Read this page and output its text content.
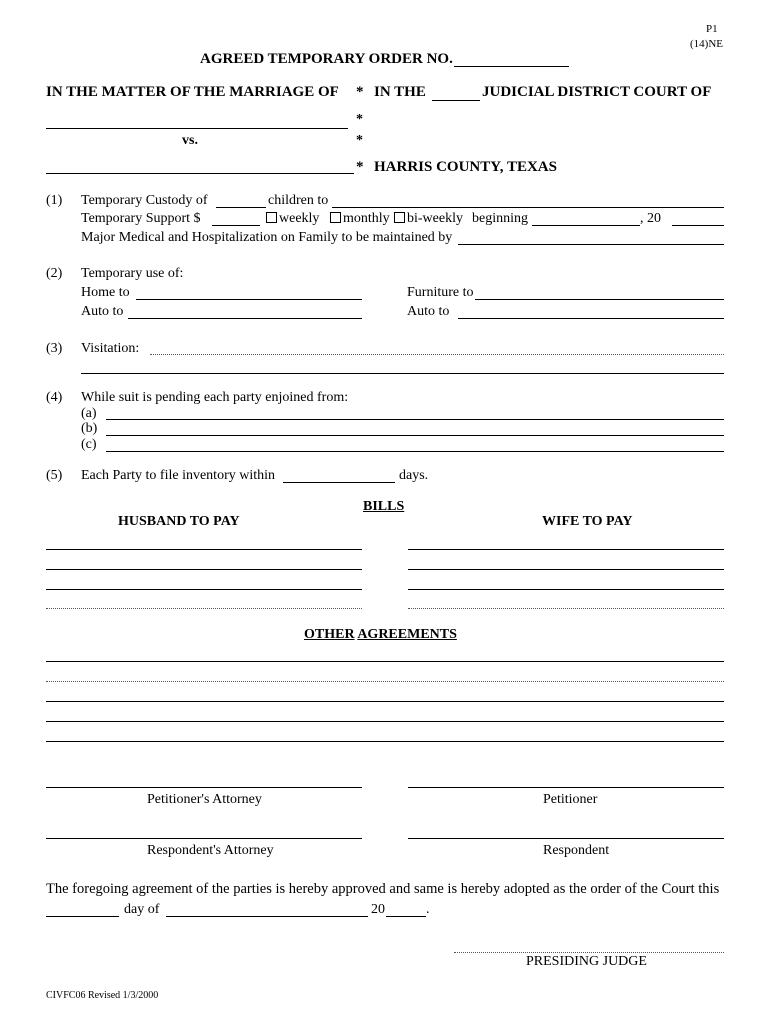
P1
(14)NE
AGREED TEMPORARY ORDER NO.
IN THE MATTER OF THE MARRIAGE OF * IN THE	JUDICIAL DISTRICT COURT OF
*
vs.	*
* HARRIS COUNTY, TEXAS
(1) Temporary Custody of	children to
Temporary Support $	weekly	monthly	bi-weekly beginning	, 20
Major Medical and Hospitalization on Family to be maintained by
(2) Temporary use of:
Home to	Furniture to
Auto to	Auto to
(3) Visitation:
(4) While suit is pending each party enjoined from:
(a)
(b)
(c)
(5) Each Party to file inventory within	days.
BILLS
HUSBAND TO PAY	WIFE TO PAY
OTHER AGREEMENTS
Petitioner's Attorney	Petitioner
Respondent's Attorney	Respondent
The foregoing agreement of the parties is hereby approved and same is hereby adopted as the order of the Court this
day of	20	.
PRESIDING JUDGE
CIVFC06 Revised 1/3/2000
